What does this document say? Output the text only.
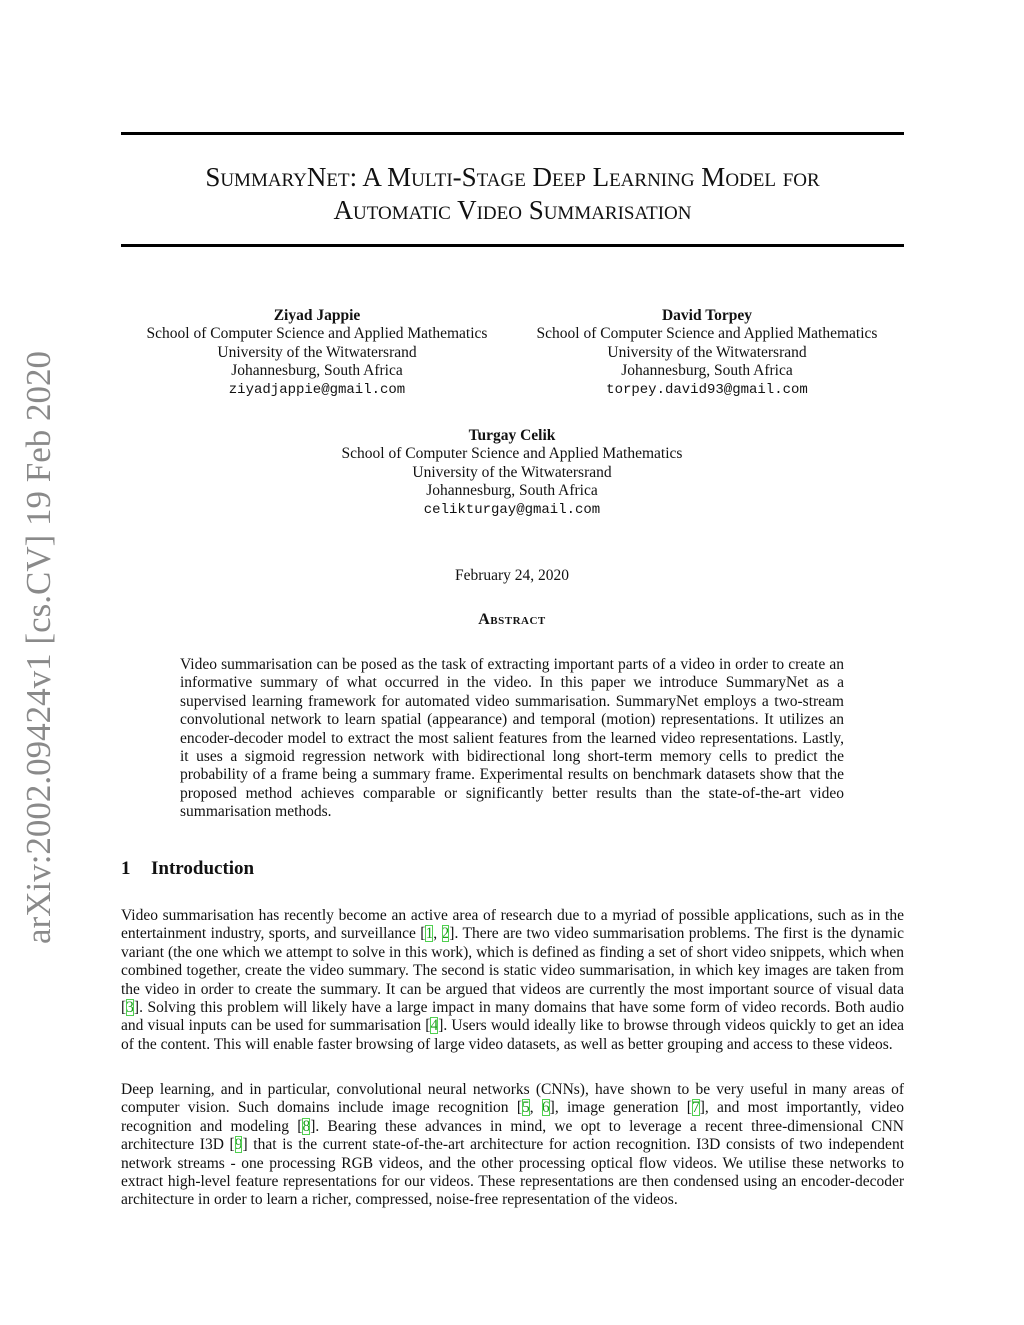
arXiv:2002.09424v1 [cs.CV] 19 Feb 2020
SummaryNet: A Multi-Stage Deep Learning Model for
Automatic Video Summarisation
Ziyad Jappie
School of Computer Science and Applied Mathematics
University of the Witwatersrand
Johannesburg, South Africa
ziyadjappie@gmail.com
David Torpey
School of Computer Science and Applied Mathematics
University of the Witwatersrand
Johannesburg, South Africa
torpey.david93@gmail.com
Turgay Celik
School of Computer Science and Applied Mathematics
University of the Witwatersrand
Johannesburg, South Africa
celikturgay@gmail.com
February 24, 2020
Abstract
Video summarisation can be posed as the task of extracting important parts of a video in order to create an informative summary of what occurred in the video. In this paper we introduce SummaryNet as a supervised learning framework for automated video summarisation. SummaryNet employs a two-stream convolutional network to learn spatial (appearance) and temporal (motion) representations. It utilizes an encoder-decoder model to extract the most salient features from the learned video representations. Lastly, it uses a sigmoid regression network with bidirectional long short-term memory cells to predict the probability of a frame being a summary frame. Experimental results on benchmark datasets show that the proposed method achieves comparable or significantly better results than the state-of-the-art video summarisation methods.
1 Introduction
Video summarisation has recently become an active area of research due to a myriad of possible applications, such as in the entertainment industry, sports, and surveillance [1, 2]. There are two video summarisation problems. The first is the dynamic variant (the one which we attempt to solve in this work), which is defined as finding a set of short video snippets, which when combined together, create the video summary. The second is static video summarisation, in which key images are taken from the video in order to create the summary. It can be argued that videos are currently the most important source of visual data [3]. Solving this problem will likely have a large impact in many domains that have some form of video records. Both audio and visual inputs can be used for summarisation [4]. Users would ideally like to browse through videos quickly to get an idea of the content. This will enable faster browsing of large video datasets, as well as better grouping and access to these videos.
Deep learning, and in particular, convolutional neural networks (CNNs), have shown to be very useful in many areas of computer vision. Such domains include image recognition [5, 6], image generation [7], and most importantly, video recognition and modeling [8]. Bearing these advances in mind, we opt to leverage a recent three-dimensional CNN architecture I3D [9] that is the current state-of-the-art architecture for action recognition. I3D consists of two independent network streams - one processing RGB videos, and the other processing optical flow videos. We utilise these networks to extract high-level feature representations for our videos. These representations are then condensed using an encoder-decoder architecture in order to learn a richer, compressed, noise-free representation of the videos.
